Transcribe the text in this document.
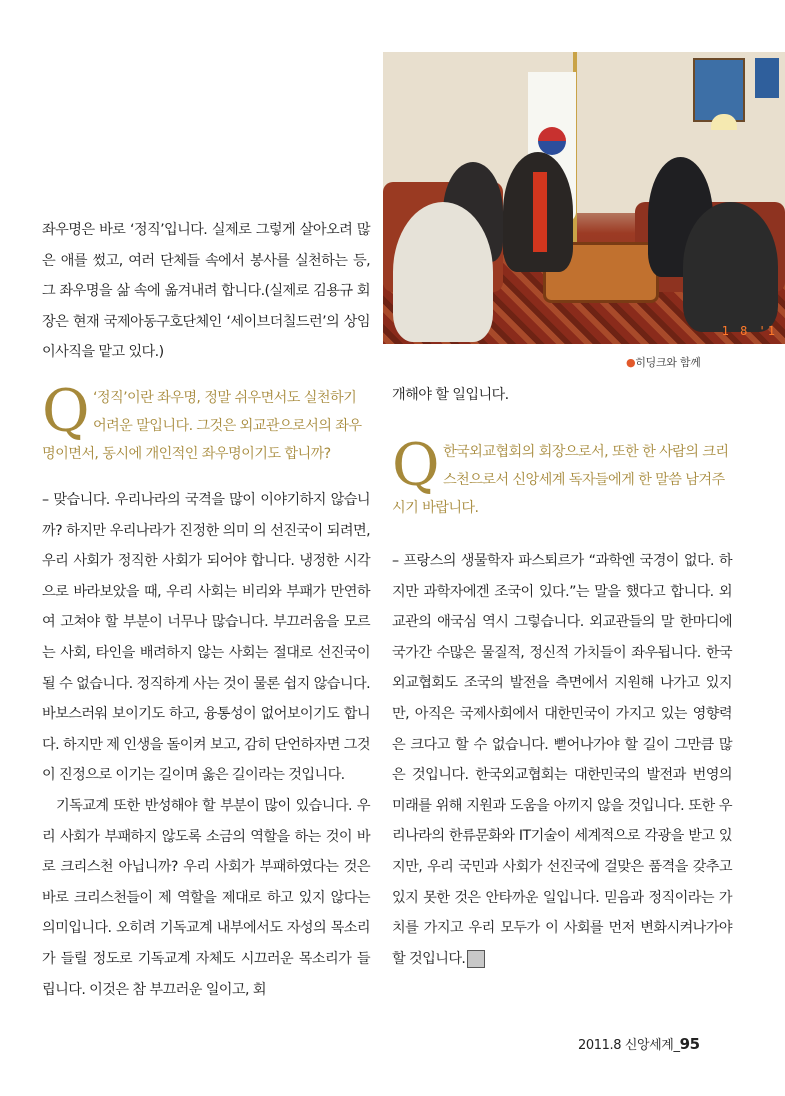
1 8 '1
●히딩크와 함께

좌우명은 바로 ‘정직’입니다. 실제로 그렇게 살아오려 많은 애를 썼고, 여러 단체들 속에서 봉사를 실천하는 등, 그 좌우명을 삶 속에 옮겨내려 합니다.(실제로 김용규 회장은 현재 국제아동구호단체인 ‘세이브더칠드런’의 상임이사직을 맡고 있다.)

Q ‘정직’이란 좌우명, 정말 쉬우면서도 실천하기 어려운 말입니다. 그것은 외교관으로서의 좌우명이면서, 동시에 개인적인 좌우명이기도 합니까?

– 맞습니다. 우리나라의 국격을 많이 이야기하지 않습니까? 하지만 우리나라가 진정한 의미 의 선진국이 되려면, 우리 사회가 정직한 사회가 되어야 합니다. 냉정한 시각으로 바라보았을 때, 우리 사회는 비리와 부패가 만연하여 고쳐야 할 부분이 너무나 많습니다. 부끄러움을 모르는 사회, 타인을 배려하지 않는 사회는 절대로 선진국이 될 수 없습니다. 정직하게 사는 것이 물론 쉽지 않습니다. 바보스러워 보이기도 하고, 융통성이 없어보이기도 합니다. 하지만 제 인생을 돌이켜 보고, 감히 단언하자면 그것이 진정으로 이기는 길이며 옳은 길이라는 것입니다.

기독교계 또한 반성해야 할 부분이 많이 있습니다. 우리 사회가 부패하지 않도록 소금의 역할을 하는 것이 바로 크리스천 아닙니까? 우리 사회가 부패하였다는 것은 바로 크리스천들이 제 역할을 제대로 하고 있지 않다는 의미입니다. 오히려 기독교계 내부에서도 자성의 목소리가 들릴 정도로 기독교계 자체도 시끄러운 목소리가 들립니다. 이것은 참 부끄러운 일이고, 회

개해야 할 일입니다.

Q 한국외교협회의 회장으로서, 또한 한 사람의 크리스천으로서 신앙세계 독자들에게 한 말씀 남겨주시기 바랍니다.

– 프랑스의 생물학자 파스퇴르가 “과학엔 국경이 없다. 하지만 과학자에겐 조국이 있다.”는 말을 했다고 합니다. 외교관의 애국심 역시 그렇습니다. 외교관들의 말 한마디에 국가간 수많은 물질적, 정신적 가치들이 좌우됩니다. 한국외교협회도 조국의 발전을 측면에서 지원해 나가고 있지만, 아직은 국제사회에서 대한민국이 가지고 있는 영향력은 크다고 할 수 없습니다. 뻗어나가야 할 길이 그만큼 많은 것입니다. 한국외교협회는 대한민국의 발전과 번영의 미래를 위해 지원과 도움을 아끼지 않을 것입니다. 또한 우리나라의 한류문화와 IT기술이 세계적으로 각광을 받고 있지만, 우리 국민과 사회가 선진국에 걸맞은 품격을 갖추고 있지 못한 것은 안타까운 일입니다. 믿음과 정직이라는 가치를 가지고 우리 모두가 이 사회를 먼저 변화시켜나가야 할 것입니다.

2011.8 신앙세계_95
